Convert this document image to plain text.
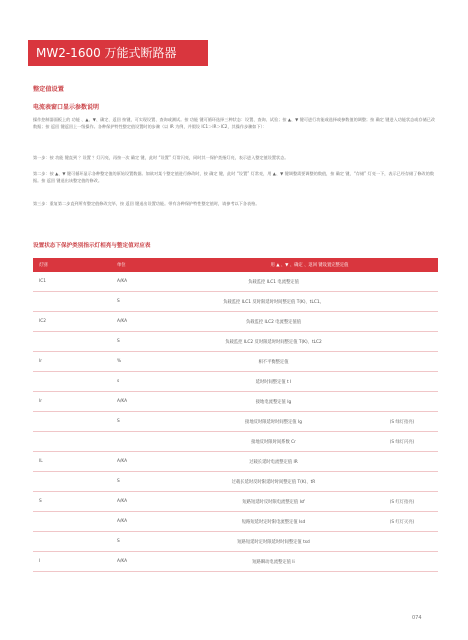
MW2-1600 万能式断路器
整定值设置
电流表窗口显示参数说明
操作控制器面板上的 功能 、▲、▼、确定、返回 按键，可实现设置、查询或测试。按 功能 键可循环选择三种状态：设置、查询、试验；按 ▲、▼ 键可进行功能或选择或参数值的调整；按 确定 键进入功能状态或存储已改数据；按 返回 键返回上一级操作。各种保护特性整定值设置时的步骤（以 IR 为例，并假设 IC1＞IR＞IC2，其操作步骤如下）：
第一步：按 功能 键直到 ？设置 ？灯闪亮，再按一次 确定 键，此时 “设置” 灯常闪亮，同时其一保护类指灯亮，表示进入整定值设置状态。
第二步：按 ▲、▼ 键可循环显示各种整定值的原始设置数据。如欲对某个整定值进行修改时，按 确定 键，此时 “设置” 灯常亮，用 ▲、▼ 键调整需要调整的数值，按 确定 键，“存储” 灯亮一下，表示已经存储了修改的数据。按 返回 键退出该整定值的修改。
第三步：重复第二步直到所有整定值修改完毕，按 返回 键退出设置功能。带有各种保护特性整定值时，请参考以下各表格。
设置状态下保护类别指示灯相亮与整定值对应表
灯别	单位	用 ▲ 、▼ 、确定 、返回 键设置完整定值	
IC1	A/KA	负载监控 ILC1 电流整定值	
	S	负载监控 ILC1 反时限延时时间整定值 T(K)、tLC1。	
IC2	A/KA	负载监控 ILC2 电流整定值值	
	S	负载监控 ILC2 反时限延时时间整定值 T(K)、tLC2	
Ir	%	相不平衡整定值	
	s	延时时间整定值 t I	
Ir	A/KA	接地电流整定值 Ig	
	S	接地反时限延时时间整定值 Ig	(S 绿灯指亮)
		接地反时限时间系数 Cr	(S 绿灯闪亮)
IL	A/KA	过载长延时电流整定值 IR	
	S	过载长延时反时限延时时间整定值 T(K)、tR	
S	A/KA	短路短延时反时限电流整定值 Isf	(S 红灯指亮)
	A/KA	短路短延时定时限电流整定值 Isd	(S 红灯灭亮)
	S	短路短延时定时限延时时间整定值 tsd	
I	A/KA	短路瞬动电流整定值 Ii	
074
